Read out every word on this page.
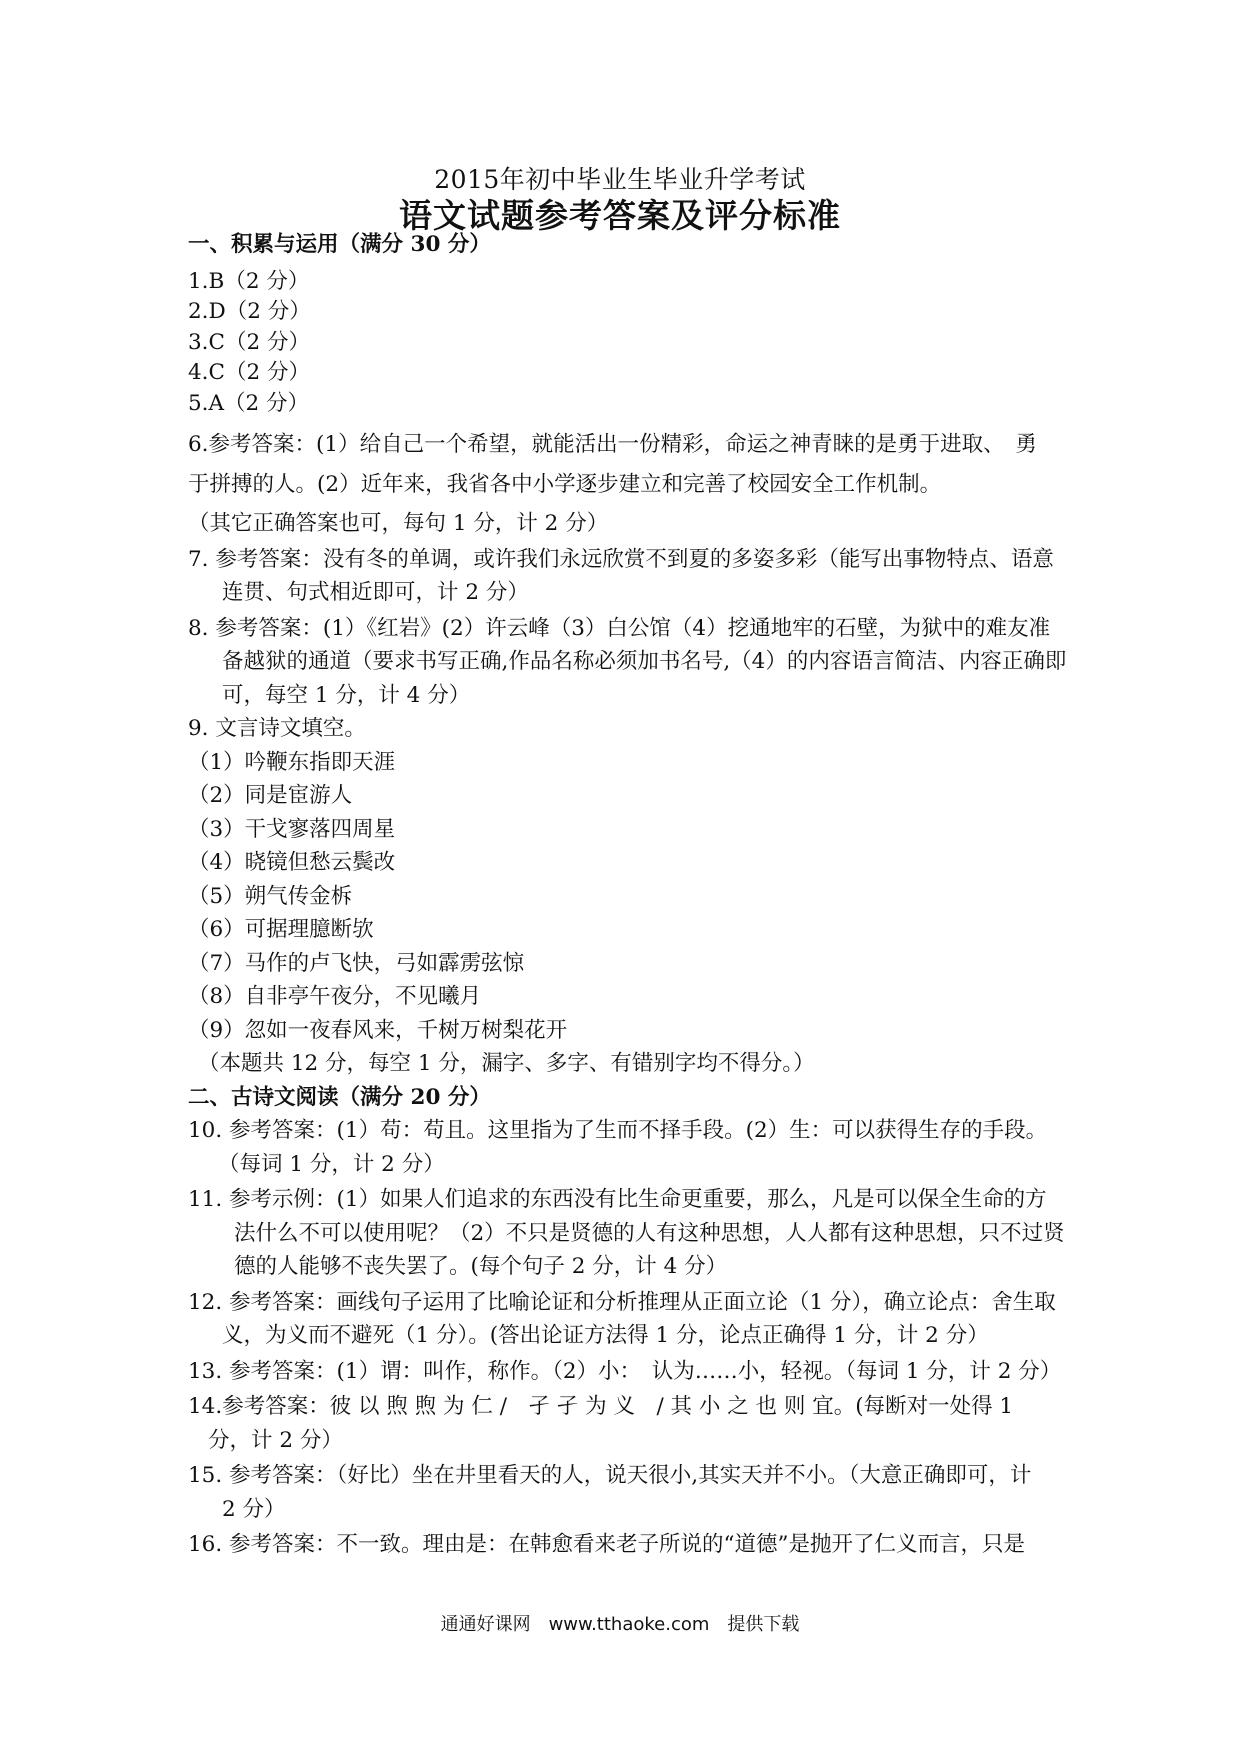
2015年初中毕业生毕业升学考试
语文试题参考答案及评分标准

一、积累与运用（满分 30 分）

1.B（2 分）

2.D（2 分）

3.C（2 分）

4.C（2 分）

5.A（2 分）

6.参考答案：(1）给自己一个希望，就能活出一份精彩，命运之神青睐的是勇于进取、　勇

于拼搏的人。(2）近年来，我省各中小学逐步建立和完善了校园安全工作机制。

（其它正确答案也可，每句 1 分，计 2 分）

7. 参考答案：没有冬的单调，或许我们永远欣赏不到夏的多姿多彩（能写出事物特点、语意

连贯、句式相近即可，计 2 分）

8. 参考答案：(1）《红岩》(2）许云峰（3）白公馆（4）挖通地牢的石壁，为狱中的难友准

备越狱的通道（要求书写正确,作品名称必须加书名号,（4）的内容语言简洁、内容正确即

可，每空 1 分，计 4 分）

9. 文言诗文填空。

（1）吟鞭东指即天涯

（2）同是宦游人

（3）干戈寥落四周星

（4）晓镜但愁云鬓改

（5）朔气传金柝

（6）可据理臆断欤

（7）马作的卢飞快，弓如霹雳弦惊

（8）自非亭午夜分，不见曦月

（9）忽如一夜春风来，千树万树梨花开

（本题共 12 分，每空 1 分，漏字、多字、有错别字均不得分。）

二、古诗文阅读（满分 20 分）

10. 参考答案：(1）苟：苟且。这里指为了生而不择手段。(2）生：可以获得生存的手段。

（每词 1 分，计 2 分）

11. 参考示例：(1）如果人们追求的东西没有比生命更重要，那么，凡是可以保全生命的方

法什么不可以使用呢？（2）不只是贤德的人有这种思想，人人都有这种思想，只不过贤

德的人能够不丧失罢了。(每个句子 2 分，计 4 分）

12. 参考答案：画线句子运用了比喻论证和分析推理从正面立论（1 分），确立论点：舍生取

义，为义而不避死（1 分）。(答出论证方法得 1 分，论点正确得 1 分，计 2 分）

13. 参考答案：(1）谓：叫作，称作。（2）小：　认为……小，轻视。（每词 1 分，计 2 分）

14.参考答案：彼 以 煦 煦 为 仁 /　孑 孑 为 义　/ 其 小 之 也 则 宜。(每断对一处得 1

分，计 2 分）

15. 参考答案：（好比）坐在井里看天的人，说天很小,其实天并不小。（大意正确即可，计

2 分）

16. 参考答案：不一致。理由是：在韩愈看来老子所说的“道德”是抛开了仁义而言，只是

通通好课网　www.tthaoke.com　提供下载
